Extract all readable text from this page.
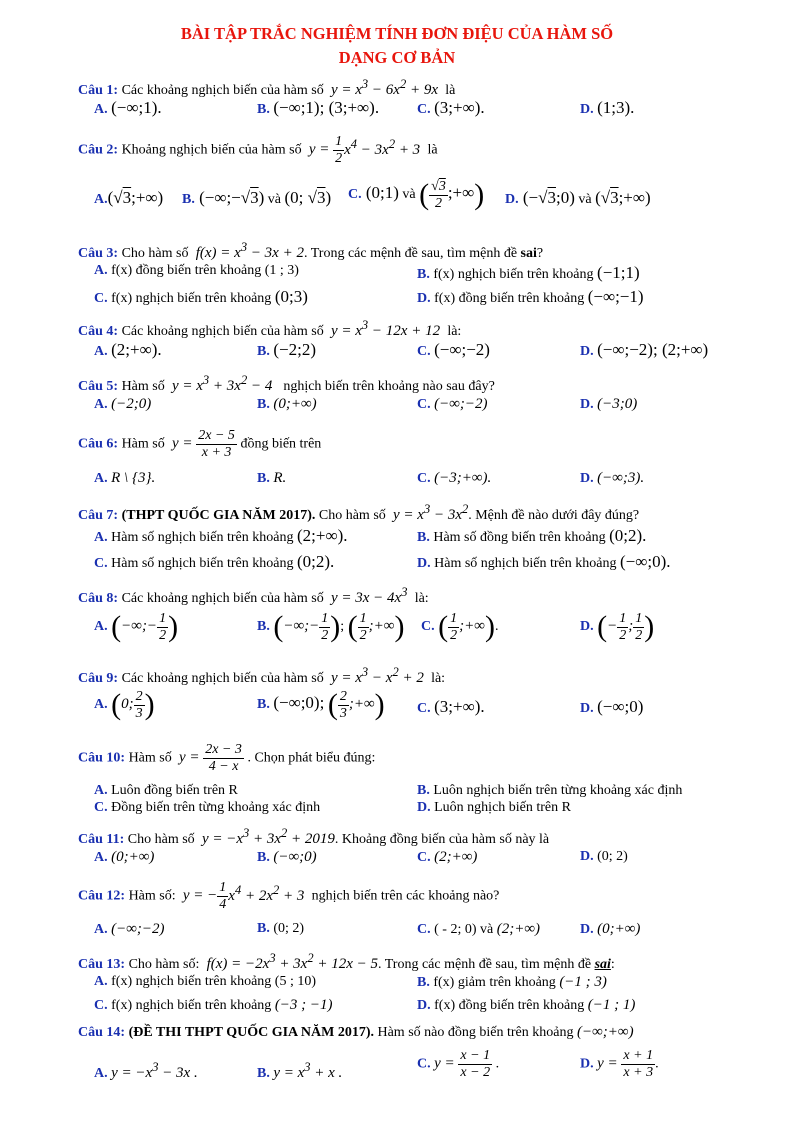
BÀI TẬP TRẮC NGHIỆM TÍNH ĐƠN ĐIỆU CỦA HÀM SỐ
DẠNG CƠ BẢN
Câu 1: Các khoảng nghịch biến của hàm số  $y = x^3 - 6x^2 + 9x$  là
A. (−∞;1).	B. (−∞;1); (3;+∞).	C. (3;+∞).	D. (1;3).
Câu 2: Khoảng nghịch biến của hàm số  $y = \frac{1}{2} x^4 - 3x^2 + 3$  là
A.(√3;+∞) B. (−∞;−√3) và (0; √3) C. (0;1) và ( $\frac{√3}{2}$ ;+∞) D. (−√3;0) và (√3;+∞)
Câu 3: Cho hàm số  $f(x) = x^3 - 3x + 2$. Trong các mệnh đề sau, tìm mệnh đề sai?
A. f(x) đồng biến trên khoảng (1 ; 3)	B. f(x) nghịch biến trên khoảng (−1;1)
C. f(x) nghịch biến trên khoảng (0;3)	D. f(x) đồng biến trên khoảng (−∞;−1)
Câu 4: Các khoảng nghịch biến của hàm số  $y = x^3 - 12x + 12$  là:
A. (2;+∞).	B. (−2;2)	C. (−∞;−2)	D. (−∞;−2); (2;+∞)
Câu 5: Hàm số  $y = x^3 + 3x^2 - 4$   nghịch biến trên khoảng nào sau đây?
A. (−2;0)	B. (0;+∞)	C. (−∞;−2)	D. (−3;0)
Câu 6: Hàm số  $y = \frac{2x - 5}{x + 3}$ đồng biến trên
A. R \ {3}.	B. R.	C. (−3;+∞).	D. (−∞;3).
Câu 7: (THPT QUỐC GIA NĂM 2017). Cho hàm số  $y = x^3 - 3x^2$. Mệnh đề nào dưới đây đúng?
A. Hàm số nghịch biến trên khoảng (2;+∞).	B. Hàm số đồng biến trên khoảng (0;2).
C. Hàm số nghịch biến trên khoảng (0;2).	D. Hàm số nghịch biến trên khoảng (−∞;0).
Câu 8: Các khoảng nghịch biến của hàm số  $y = 3x - 4x^3$ là:
A. (−∞;− $\frac{1}{2}$ )	B. (−∞;− $\frac{1}{2}$ ); ( $\frac{1}{2}$ ;+∞) C. ( $\frac{1}{2}$ ;+∞).	D. (− $\frac{1}{2}$ ; $\frac{1}{2}$ )
Câu 9: Các khoảng nghịch biến của hàm số  $y = x^3 - x^2 + 2$  là:
A. (0; $\frac{2}{3}$ )	B. (−∞;0); ( $\frac{2}{3}$ ;+∞) C. (3;+∞).	D. (−∞;0)
Câu 10: Hàm số  $y = \frac{2x - 3}{4 - x}$ . Chọn phát biểu đúng:
A. Luôn đồng biến trên R	B. Luôn nghịch biến trên từng khoảng xác định
C. Đồng biến trên từng khoảng xác định	D. Luôn nghịch biến trên R
Câu 11: Cho hàm số  $y = -x^3 + 3x^2 + 2019$. Khoảng đồng biến của hàm số này là
A. (0;+∞)	B. (−∞;0)	C. (2;+∞)	D. (0; 2)
Câu 12: Hàm số:  y = − $\frac{1}{4} x^4 + 2x^2 + 3$  nghịch biến trên các khoảng nào?
A. (−∞;−2)	B. (0; 2)	C. ( - 2; 0) và (2;+∞)	D. (0;+∞)
Câu 13: Cho hàm số:  $f(x) = -2x^3 + 3x^2 + 12x - 5$. Trong các mệnh đề sau, tìm mệnh đề sai:
A. f(x) nghịch biến trên khoảng (5 ; 10)	B. f(x) giảm trên khoảng (−1 ; 3)
C. f(x) nghịch biến trên khoảng (−3 ; −1)	D. f(x) đồng biến trên khoảng (−1 ; 1)
Câu 14: (ĐỀ THI THPT QUỐC GIA NĂM 2017). Hàm số nào đồng biến trên khoảng (−∞;+∞)
A. $y = -x^3 - 3x$ .	B. $y = x^3 + x$ .
C. $y = \frac{x - 1}{x - 2}$ .	D. $y = \frac{x + 1}{x + 3}$ .
